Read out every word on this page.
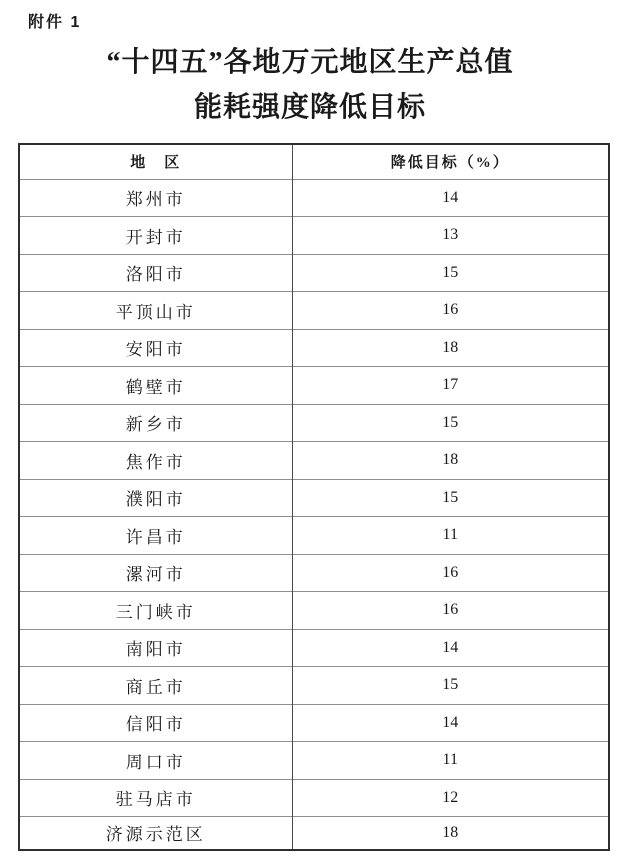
附件 1
“十四五”各地万元地区生产总值
能耗强度降低目标
地　区	降低目标（%）
郑州市	14
开封市	13
洛阳市	15
平顶山市	16
安阳市	18
鹤壁市	17
新乡市	15
焦作市	18
濮阳市	15
许昌市	11
漯河市	16
三门峡市	16
南阳市	14
商丘市	15
信阳市	14
周口市	11
驻马店市	12
济源示范区	18
